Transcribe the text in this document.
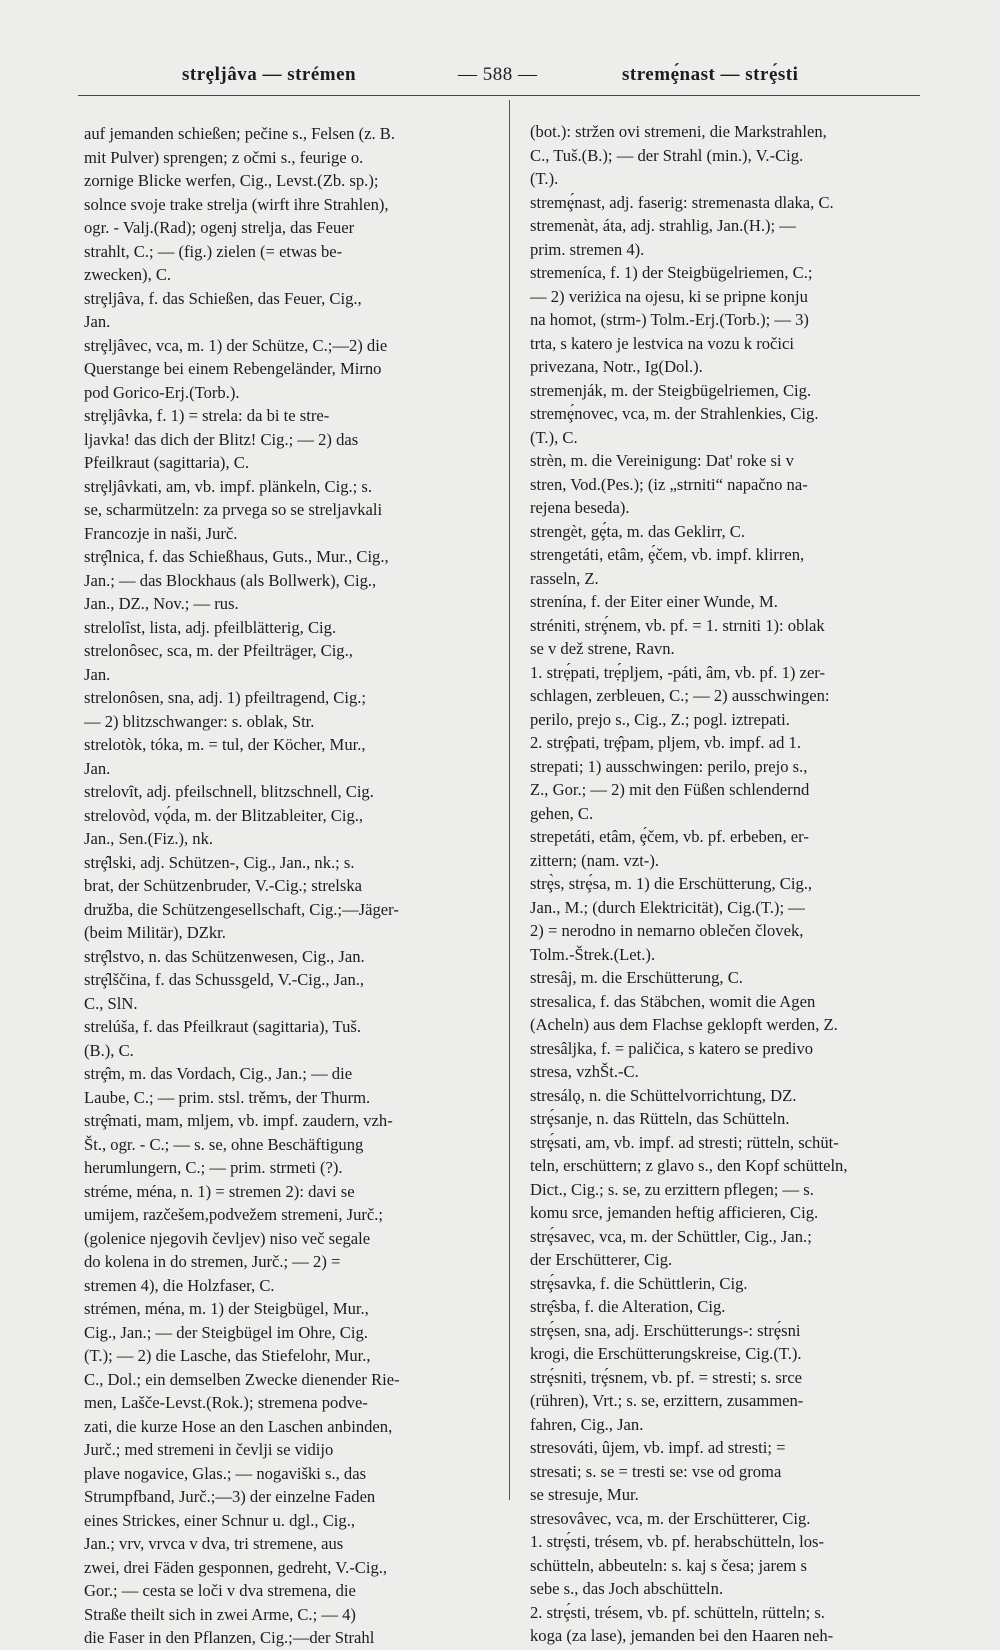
strȩljâva — strémen	— 588 —	stremȩ́nast — strȩ́sti
auf jemanden schießen; pečine s., Felsen (z. B.
mit Pulver) sprengen; z očmi s., feurige o.
zornige Blicke werfen, Cig., Levst.(Zb. sp.);
solnce svoje trake strelja (wirft ihre Strahlen),
ogr. - Valj.(Rad); ogenj strelja, das Feuer
strahlt, C.; — (fig.) zielen (= etwas be-
zwecken), C.
strȩljâva, f. das Schießen, das Feuer, Cig.,
Jan.
strȩljâvec, vca, m. 1) der Schütze, C.;—2) die
Querstange bei einem Rebengeländer, Mirno
pod Gorico-Erj.(Torb.).
strȩljâvka, f. 1) = strela: da bi te stre-
ljavka! das dich der Blitz! Cig.; — 2) das
Pfeilkraut (sagittaria), C.
strȩljâvkati, am, vb. impf. plänkeln, Cig.; s.
se, scharmützeln: za prvega so se streljavkali
Francozje in naši, Jurč.
strȩ̂lnica, f. das Schießhaus, Guts., Mur., Cig.,
Jan.; — das Blockhaus (als Bollwerk), Cig.,
Jan., DZ., Nov.; — rus.
strelolȋst, lista, adj. pfeilblätterig, Cig.
strelonôsec, sca, m. der Pfeilträger, Cig.,
Jan.
strelonôsen, sna, adj. 1) pfeiltragend, Cig.;
— 2) blitzschwanger: s. oblak, Str.
strelotòk, tóka, m. = tul, der Köcher, Mur.,
Jan.
strelovȋt, adj. pfeilschnell, blitzschnell, Cig.
strelovòd, vǫ́da, m. der Blitzableiter, Cig.,
Jan., Sen.(Fiz.), nk.
strȩ̂lski, adj. Schützen-, Cig., Jan., nk.; s.
brat, der Schützenbruder, V.-Cig.; strelska
družba, die Schützengesellschaft, Cig.;—Jäger-
(beim Militär), DZkr.
strȩ̂lstvo, n. das Schützenwesen, Cig., Jan.
strȩ̂lščina, f. das Schussgeld, V.-Cig., Jan.,
C., SlN.
strelúša, f. das Pfeilkraut (sagittaria), Tuš.
(B.), C.
strȩ̂m, m. das Vordach, Cig., Jan.; — die
Laube, C.; — prim. stsl. trěmъ, der Thurm.
strȩ̂mati, mam, mljem, vb. impf. zaudern, vzh-
Št., ogr. - C.; — s. se, ohne Beschäftigung
herumlungern, C.; — prim. strmeti (?).
stréme, ména, n. 1) = stremen 2): davi se
umijem, razčešem,podvežem stremeni, Jurč.;
(golenice njegovih čevljev) niso več segale
do kolena in do stremen, Jurč.; — 2) =
stremen 4), die Holzfaser, C.
strémen, ména, m. 1) der Steigbügel, Mur.,
Cig., Jan.; — der Steigbügel im Ohre, Cig.
(T.); — 2) die Lasche, das Stiefelohr, Mur.,
C., Dol.; ein demselben Zwecke dienender Rie-
men, Lašče-Levst.(Rok.); stremena podve-
zati, die kurze Hose an den Laschen anbinden,
Jurč.; med stremeni in čevlji se vidijo
plave nogavice, Glas.; — nogaviški s., das
Strumpfband, Jurč.;—3) der einzelne Faden
eines Strickes, einer Schnur u. dgl., Cig.,
Jan.; vrv, vrvca v dva, tri stremene, aus
zwei, drei Fäden gesponnen, gedreht, V.-Cig.,
Gor.; — cesta se loči v dva stremena, die
Straße theilt sich in zwei Arme, C.; — 4)
die Faser in den Pflanzen, Cig.;—der Strahl
(bot.): stržen ovi stremeni, die Markstrahlen,
C., Tuš.(B.); — der Strahl (min.), V.-Cig.
(T.).
stremȩ́nast, adj. faserig: stremenasta dlaka, C.
stremenàt, áta, adj. strahlig, Jan.(H.); —
prim. stremen 4).
stremeníca, f. 1) der Steigbügelriemen, C.;
— 2) veriżica na ojesu, ki se pripne konju
na homot, (strm-) Tolm.-Erj.(Torb.); — 3)
trta, s katero je lestvica na vozu k ročici
privezana, Notr., Ig(Dol.).
stremenják, m. der Steigbügelriemen, Cig.
stremȩ́novec, vca, m. der Strahlenkies, Cig.
(T.), C.
strèn, m. die Vereinigung: Dat' roke si v
stren, Vod.(Pes.); (iz „strniti“ napačno na-
rejena beseda).
strengèt, gȩ́ta, m. das Geklirr, C.
strengetáti, etâm, ȩ́čem, vb. impf. klirren,
rasseln, Z.
strenína, f. der Eiter einer Wunde, M.
stréniti, strȩ́nem, vb. pf. = 1. strniti 1): oblak
se v dež strene, Ravn.
1. strẹ́pati, trẹ́pljem, -páti, âm, vb. pf. 1) zer-
schlagen, zerbleuen, C.; — 2) ausschwingen:
perilo, prejo s., Cig., Z.; pogl. iztrepati.
2. strȩ̂pati, trȩ̂pam, pljem, vb. impf. ad 1.
strepati; 1) ausschwingen: perilo, prejo s.,
Z., Gor.; — 2) mit den Füßen schlendernd
gehen, C.
strepetáti, etâm, ȩ́čem, vb. pf. erbeben, er-
zittern; (nam. vzt-).
strȩ̀s, strȩ́sa, m. 1) die Erschütterung, Cig.,
Jan., M.; (durch Elektricität), Cig.(T.); —
2) = nerodno in nemarno oblečen človek,
Tolm.-Štrek.(Let.).
stresâj, m. die Erschütterung, C.
stresalica, f. das Stäbchen, womit die Agen
(Acheln) aus dem Flachse geklopft werden, Z.
stresâljka, f. = paličica, s katero se predivo
stresa, vzhŠt.-C.
stresálǫ, n. die Schüttelvorrichtung, DZ.
strȩ́sanje, n. das Rütteln, das Schütteln.
strȩ́sati, am, vb. impf. ad stresti; rütteln, schüt-
teln, erschüttern; z glavo s., den Kopf schütteln,
Dict., Cig.; s. se, zu erzittern pflegen; — s.
komu srce, jemanden heftig afficieren, Cig.
strȩ́savec, vca, m. der Schüttler, Cig., Jan.;
der Erschütterer, Cig.
strȩ́savka, f. die Schüttlerin, Cig.
strȩ̂sba, f. die Alteration, Cig.
strȩ́sen, sna, adj. Erschütterungs-: strȩ́sni
krogi, die Erschütterungskreise, Cig.(T.).
strȩ́sniti, trȩ́snem, vb. pf. = stresti; s. srce
(rühren), Vrt.; s. se, erzittern, zusammen-
fahren, Cig., Jan.
stresováti, ûjem, vb. impf. ad stresti; =
stresati; s. se = tresti se: vse od groma
se stresuje, Mur.
stresovâvec, vca, m. der Erschütterer, Cig.
1. strȩ́sti, trésem, vb. pf. herabschütteln, los-
schütteln, abbeuteln: s. kaj s česa; jarem s
sebe s., das Joch abschütteln.
2. strȩ́sti, trésem, vb. pf. schütteln, rütteln; s.
koga (za lase), jemanden bei den Haaren neh-
